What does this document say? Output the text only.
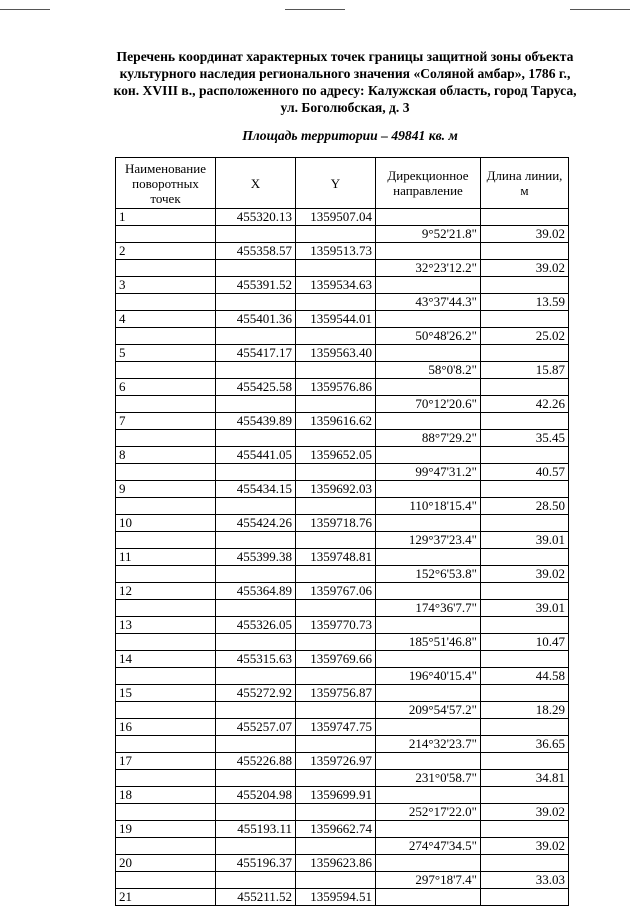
Перечень координат характерных точек границы защитной зоны объекта
культурного наследия регионального значения «Соляной амбар», 1786 г.,
кон. XVIII в., расположенного по адресу: Калужская область, город Таруса,
ул. Боголюбская, д. 3
Площадь территории – 49841 кв. м
Наименование поворотных точек	X	Y	Дирекционное направление	Длина линии, м
1	455320.13	1359507.04		
			9°52'21.8"	39.02
2	455358.57	1359513.73		
			32°23'12.2"	39.02
3	455391.52	1359534.63		
			43°37'44.3"	13.59
4	455401.36	1359544.01		
			50°48'26.2"	25.02
5	455417.17	1359563.40		
			58°0'8.2"	15.87
6	455425.58	1359576.86		
			70°12'20.6"	42.26
7	455439.89	1359616.62		
			88°7'29.2"	35.45
8	455441.05	1359652.05		
			99°47'31.2"	40.57
9	455434.15	1359692.03		
			110°18'15.4"	28.50
10	455424.26	1359718.76		
			129°37'23.4"	39.01
11	455399.38	1359748.81		
			152°6'53.8"	39.02
12	455364.89	1359767.06		
			174°36'7.7"	39.01
13	455326.05	1359770.73		
			185°51'46.8"	10.47
14	455315.63	1359769.66		
			196°40'15.4"	44.58
15	455272.92	1359756.87		
			209°54'57.2"	18.29
16	455257.07	1359747.75		
			214°32'23.7"	36.65
17	455226.88	1359726.97		
			231°0'58.7"	34.81
18	455204.98	1359699.91		
			252°17'22.0"	39.02
19	455193.11	1359662.74		
			274°47'34.5"	39.02
20	455196.37	1359623.86		
			297°18'7.4"	33.03
21	455211.52	1359594.51		
